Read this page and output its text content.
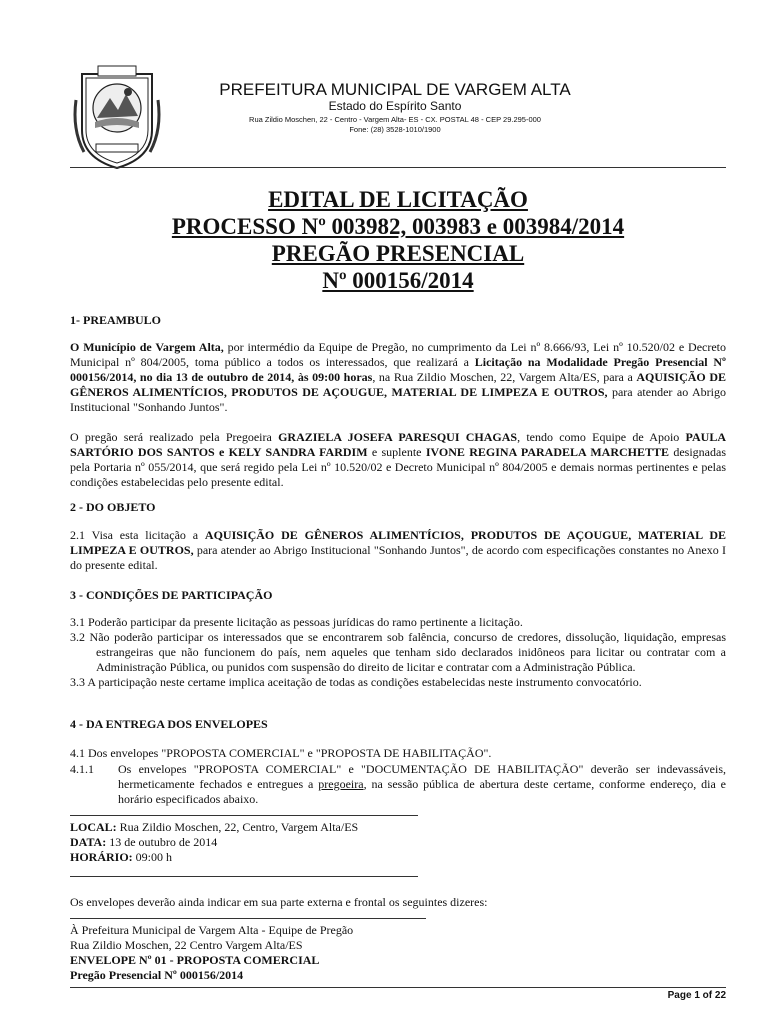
PREFEITURA MUNICIPAL DE VARGEM ALTA
Estado do Espírito Santo
Rua Zildio Moschen, 22 - Centro - Vargem Alta- ES - CX. POSTAL 48 - CEP 29.295-000
Fone: (28) 3528-1010/1900
EDITAL DE LICITAÇÃO
PROCESSO Nº 003982, 003983 e 003984/2014
PREGÃO PRESENCIAL
Nº 000156/2014
1- PREAMBULO
O Município de Vargem Alta, por intermédio da Equipe de Pregão, no cumprimento da Lei nº 8.666/93, Lei nº 10.520/02 e Decreto Municipal nº 804/2005, toma público a todos os interessados, que realizará a Licitação na Modalidade Pregão Presencial Nº 000156/2014, no dia 13 de outubro de 2014, às 09:00 horas, na Rua Zildio Moschen, 22, Vargem Alta/ES, para a AQUISIÇÃO DE GÊNEROS ALIMENTÍCIOS, PRODUTOS DE AÇOUGUE, MATERIAL DE LIMPEZA E OUTROS, para atender ao Abrigo Institucional "Sonhando Juntos".
O pregão será realizado pela Pregoeira GRAZIELA JOSEFA PARESQUI CHAGAS, tendo como Equipe de Apoio PAULA SARTÓRIO DOS SANTOS e KELY SANDRA FARDIM e suplente IVONE REGINA PARADELA MARCHETTE designadas pela Portaria nº 055/2014, que será regido pela Lei nº 10.520/02 e Decreto Municipal nº 804/2005 e demais normas pertinentes e pelas condições estabelecidas pelo presente edital.
2 - DO OBJETO
2.1 Visa esta licitação a AQUISIÇÃO DE GÊNEROS ALIMENTÍCIOS, PRODUTOS DE AÇOUGUE, MATERIAL DE LIMPEZA E OUTROS, para atender ao Abrigo Institucional "Sonhando Juntos", de acordo com especificações constantes no Anexo I do presente edital.
3 - CONDIÇÕES DE PARTICIPAÇÃO
3.1 Poderão participar da presente licitação as pessoas jurídicas do ramo pertinente a licitação.
3.2 Não poderão participar os interessados que se encontrarem sob falência, concurso de credores, dissolução, liquidação, empresas estrangeiras que não funcionem do país, nem aqueles que tenham sido declarados inidôneos para licitar ou contratar com a Administração Pública, ou punidos com suspensão do direito de licitar e contratar com a Administração Pública.
3.3 A participação neste certame implica aceitação de todas as condições estabelecidas neste instrumento convocatório.
4 - DA ENTREGA DOS ENVELOPES
4.1 Dos envelopes "PROPOSTA COMERCIAL" e "PROPOSTA DE HABILITAÇÃO".
4.1.1	Os envelopes "PROPOSTA COMERCIAL" e "DOCUMENTAÇÃO DE HABILITAÇÃO" deverão ser indevassáveis, hermeticamente fechados e entregues a pregoeira, na sessão pública de abertura deste certame, conforme endereço, dia e horário especificados abaixo.
LOCAL: Rua Zildio Moschen, 22, Centro, Vargem Alta/ES
DATA: 13 de outubro de 2014
HORÁRIO: 09:00 h
Os envelopes deverão ainda indicar em sua parte externa e frontal os seguintes dizeres:
À Prefeitura Municipal de Vargem Alta - Equipe de Pregão
Rua Zildio Moschen, 22 Centro Vargem Alta/ES
ENVELOPE Nº 01 - PROPOSTA COMERCIAL
Pregão Presencial Nº 000156/2014
Page 1 of 22
